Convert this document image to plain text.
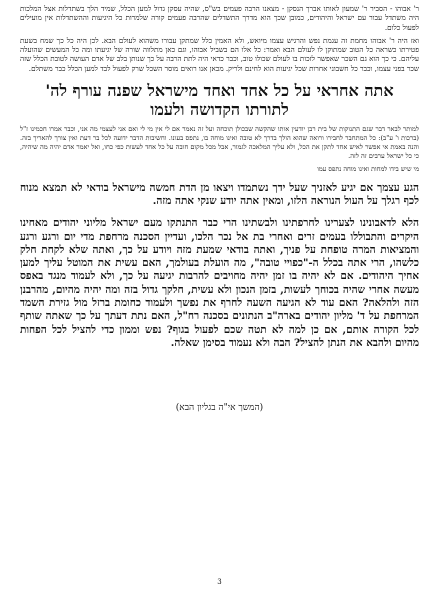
ר' אבוהו - הסביר ר' שמעון לאותו אברך הנסקן - מצאנו הרבה פעמים בש"ס, שהיה עסקן גדול למען הכלל, שמיד הלך בשתדלות אצל המלכות היה משתדל עבור עם ישראל והיהודים, כמובן שכך הוא מדרך התשדלים שהרבה פעמים קורה שלמרות כל היגיעות וההשתדלות אין מועילים לפעול כלום.

ואז היה ר' אבוהו מחמת זה עגמת נפש והרגיש עצמו מיואש, ולא האמין כלל שמתקן עבורו משהוא לעולם הבא. לכן היה כל כך שמח בשעת פטירתו כשראה כל הטוב שמתוקן לו לעולם הבא ואמר: כל אלו הם בשביל אבוהו, וגם כאן מתלווה שורה של יגיעתו ומה כל המעשים שהועלה עליהם. כי כך הוא גם השכר שאפשר לזכות בו לעולם שכולו טוב, וכבר כדאי היה לתת הרבה על כך שנותן בלב של אדם העושה לטובת הכלל שזה שכר בפני עצמו, וכבר כל חשבוני אחרות שכל יגיעות הוא לחינם ולריק. מכאן אנו רואים מוסר השכל שרק לפעול לבד למען הכלל כבר משתלם.

אתה אחראי על כל אחד ואחד מישראל שפנה עורף לה'
לתורתו הקדושה ולעמו

למותר לבאר דבר שגם התנוקות של בית רבן יודעין אותו שהקשה שבכולן תוכחה ועל זה נאמר אם לי אין מי לי ואם אני לעצמי מה אני, וכבר אמרו חכמינו ז"ל (ברכות ו' ע"ב): כל המתחבר לחבירו ורואה שהוא הולך בדרך לא טובה ואינו מוחה בו, נתפס בעונו. וחשיבות הדבר ידועה לכל בר דעת ואין צורך להאריך בזה. והנה באמת אי אפשר לאיש אחד לתקן את הכל, ולא עליך המלאכה לגמור, אבל מכל מקום חובה על כל אחד לעשות כפי כחו, ואל יאמר אדם יהיה מה שיהיה, כי כל ישראל ערבים זה לזה.

מי שיש בידו למחות ואינו מוחה נתפס עמו

הגע עצמך אם יגיע לאזניך שעל ידך נשתמדו ויצאו מן הדת חמשה מישראל בודאי לא תמצא מנוח לכף רגלך על העול הנוראה הלזו, ומאין אתה יודע שנקי אתה מזה.

הלא לדאבונינו לצערינו לחרפתינו ולבשתינו הרי כבר התנתקו מעם ישראל מליוני יהודים מאחינו היקרים והתבוללו בעמים זרים ואחרי בת אל נכר הלכו, ועדיין הסכנה מרחפת מדי יום ורגע ורגע והמציאות המרה טופחת על פניך, ואתה בודאי שמעת מזה ויודע על כך, ואתה שלא לקחת חלק כלשהו, הרי אתה בכלל ה-"כפויי טובה", מה הועלת בעולמך, האם עשית את המוטל עליך למען אחיך היהודים. אם לא יהיה בו זמן יהיה מחויבים להרבות יגיעה על כך, ולא לעמוד מנגד באפס מעשה אחרי שהיה בכוחך לעשות, בזמן הנכון ולא עשית, חלקך גדול בזה ומה יהיה מהיום, מהרבנן הזה ולהלאה? האם עוד לא הגיעה השעה לחרף את נפשך ולעמוד כחומת ברזל מול גזירת השמד המרחפת על ד' מליון יהודים בארה"ב הנתונים בסכנה רח"ל, האם נתת דעתך על כך שאתה שותף לכל הקורה אותם, אם כן למה לא תטה שכם לפעול בגוף? נפש וממון כדי להציל לכל הפחות מהיום ולהבא את הנתן להציל? הבה ולא נעמוד בסימן שאלה.

(המשך אי"ה בגליון הבא)
3
